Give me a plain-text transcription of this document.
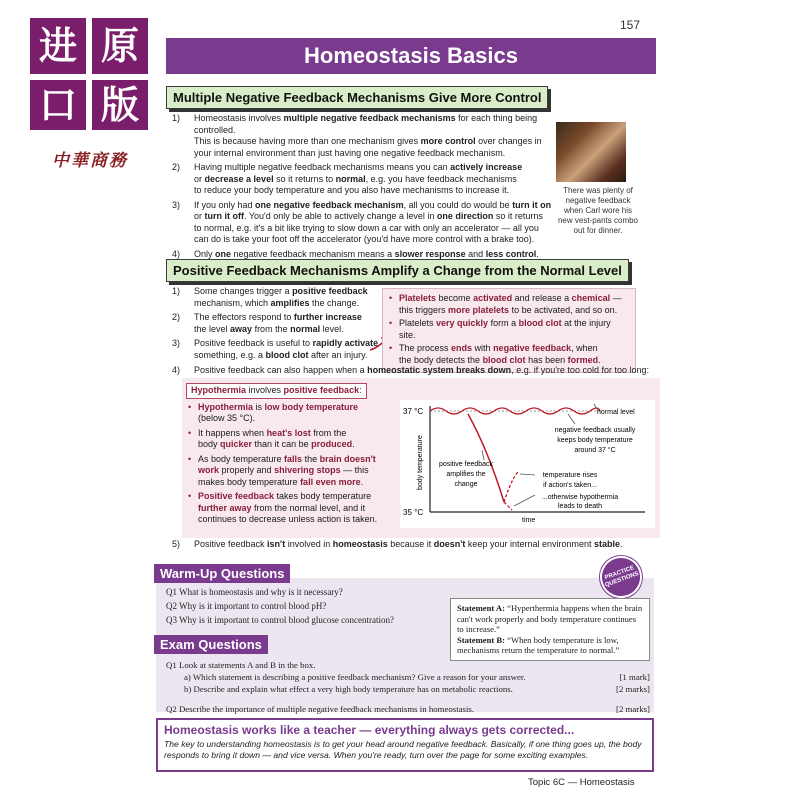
进 原
口 版
中華商務
157
Homeostasis Basics
Multiple Negative Feedback Mechanisms Give More Control
1) Homeostasis involves multiple negative feedback mechanisms for each thing being controlled.
This is because having more than one mechanism gives more control over changes in
your internal environment than just having one negative feedback mechanism.
2) Having multiple negative feedback mechanisms means you can actively increase
or decrease a level so it returns to normal, e.g. you have feedback mechanisms
to reduce your body temperature and you also have mechanisms to increase it.
3) If you only had one negative feedback mechanism, all you could do would be turn it on
or turn it off. You'd only be able to actively change a level in one direction so it returns
to normal, e.g. it's a bit like trying to slow down a car with only an accelerator — all you
can do is take your foot off the accelerator (you'd have more control with a brake too).
4) Only one negative feedback mechanism means a slower response and less control.
There was plenty of negative feedback when Carl wore his new vest-pants combo out for dinner.
Positive Feedback Mechanisms Amplify a Change from the Normal Level
1) Some changes trigger a positive feedback
mechanism, which amplifies the change.
2) The effectors respond to further increase
the level away from the normal level.
3) Positive feedback is useful to rapidly activate
something, e.g. a blood clot after an injury.
• Platelets become activated and release a chemical —
this triggers more platelets to be activated, and so on.
• Platelets very quickly form a blood clot at the injury site.
• The process ends with negative feedback, when
the body detects the blood clot has been formed.
4) Positive feedback can also happen when a homeostatic system breaks down, e.g. if you're too cold for too long:
Hypothermia involves positive feedback:
• Hypothermia is low body temperature
(below 35 °C).
• It happens when heat's lost from the
body quicker than it can be produced.
• As body temperature falls the brain doesn't
work properly and shivering stops — this
makes body temperature fall even more.
• Positive feedback takes body temperature
further away from the normal level, and it
continues to decrease unless action is taken.
37 °C
35 °C
body temperature
time
normal level
negative feedback usually
keeps body temperature
around 37 °C
positive feedback
amplifies the
change
temperature rises
if action's taken...
...otherwise hypothermia
leads to death
5) Positive feedback isn't involved in homeostasis because it doesn't keep your internal environment stable.
Warm-Up Questions	PRACTICE QUESTIONS
Q1 What is homeostasis and why is it necessary?
Q2 Why is it important to control blood pH?
Q3 Why is it important to control blood glucose concentration?
Statement A: “Hyperthermia happens when the brain can't work properly and body temperature continues to increase.”
Statement B: “When body temperature is low, mechanisms return the temperature to normal.”
Exam Questions
Q1 Look at statements A and B in the box.
a) Which statement is describing a positive feedback mechanism? Give a reason for your answer.	[1 mark]
b) Describe and explain what effect a very high body temperature has on metabolic reactions.	[2 marks]
Q2 Describe the importance of multiple negative feedback mechanisms in homeostasis.	[2 marks]
Homeostasis works like a teacher — everything always gets corrected...
The key to understanding homeostasis is to get your head around negative feedback. Basically, if one thing goes up, the body responds to bring it down — and vice versa. When you're ready, turn over the page for some exciting examples.
Topic 6C — Homeostasis
